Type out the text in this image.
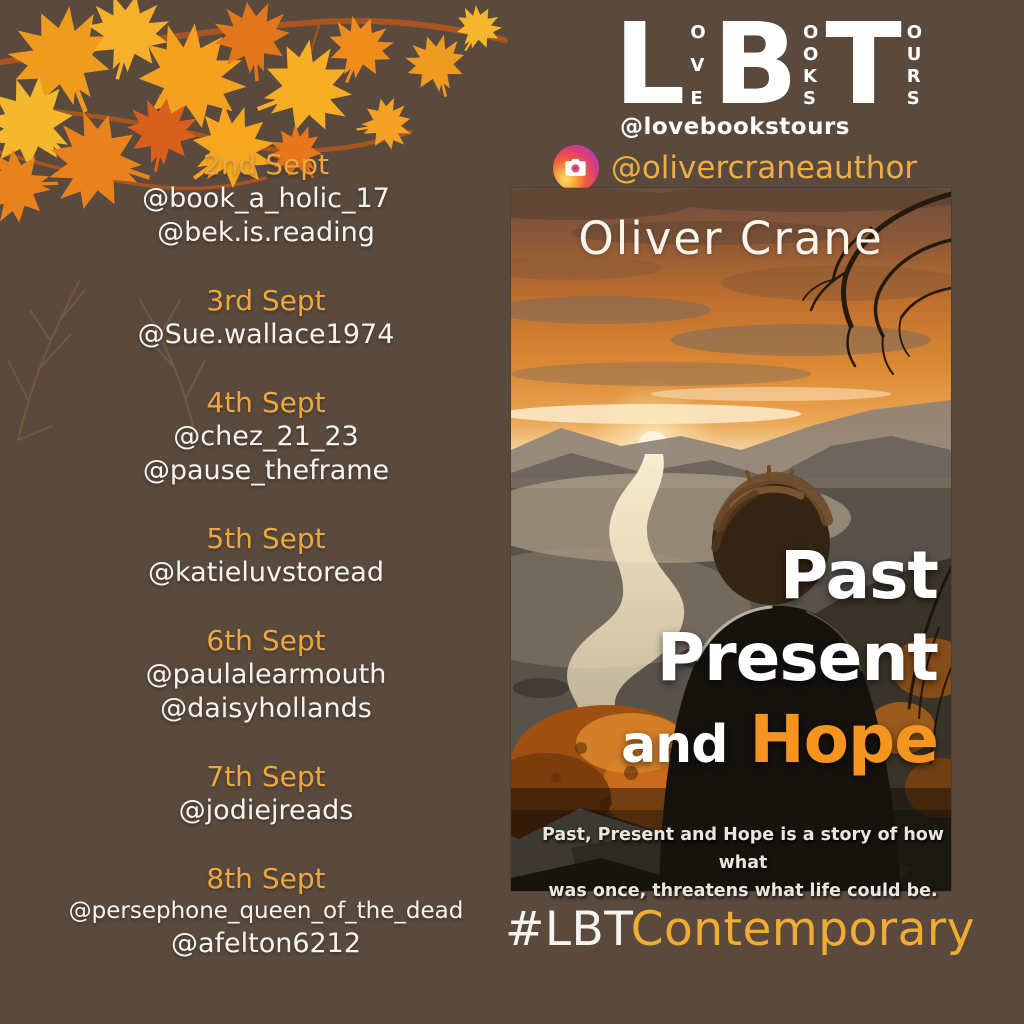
2nd Sept
@book_a_holic_17
@bek.is.reading
3rd Sept
@Sue.wallace1974
4th Sept
@chez_21_23
@pause_theframe
5th Sept
@katieluvstoread
6th Sept
@paulalearmouth
@daisyhollands
7th Sept
@jodiejreads
8th Sept
@persephone_queen_of_the_dead
@afelton6212
L O
V
E B O
O
K
S T O
U
R
S
@lovebookstours
@olivercraneauthor
Oliver Crane
Past
Present
and Hope
Past, Present and Hope is a story of how what
was once, threatens what life could be.
#LBTContemporary
